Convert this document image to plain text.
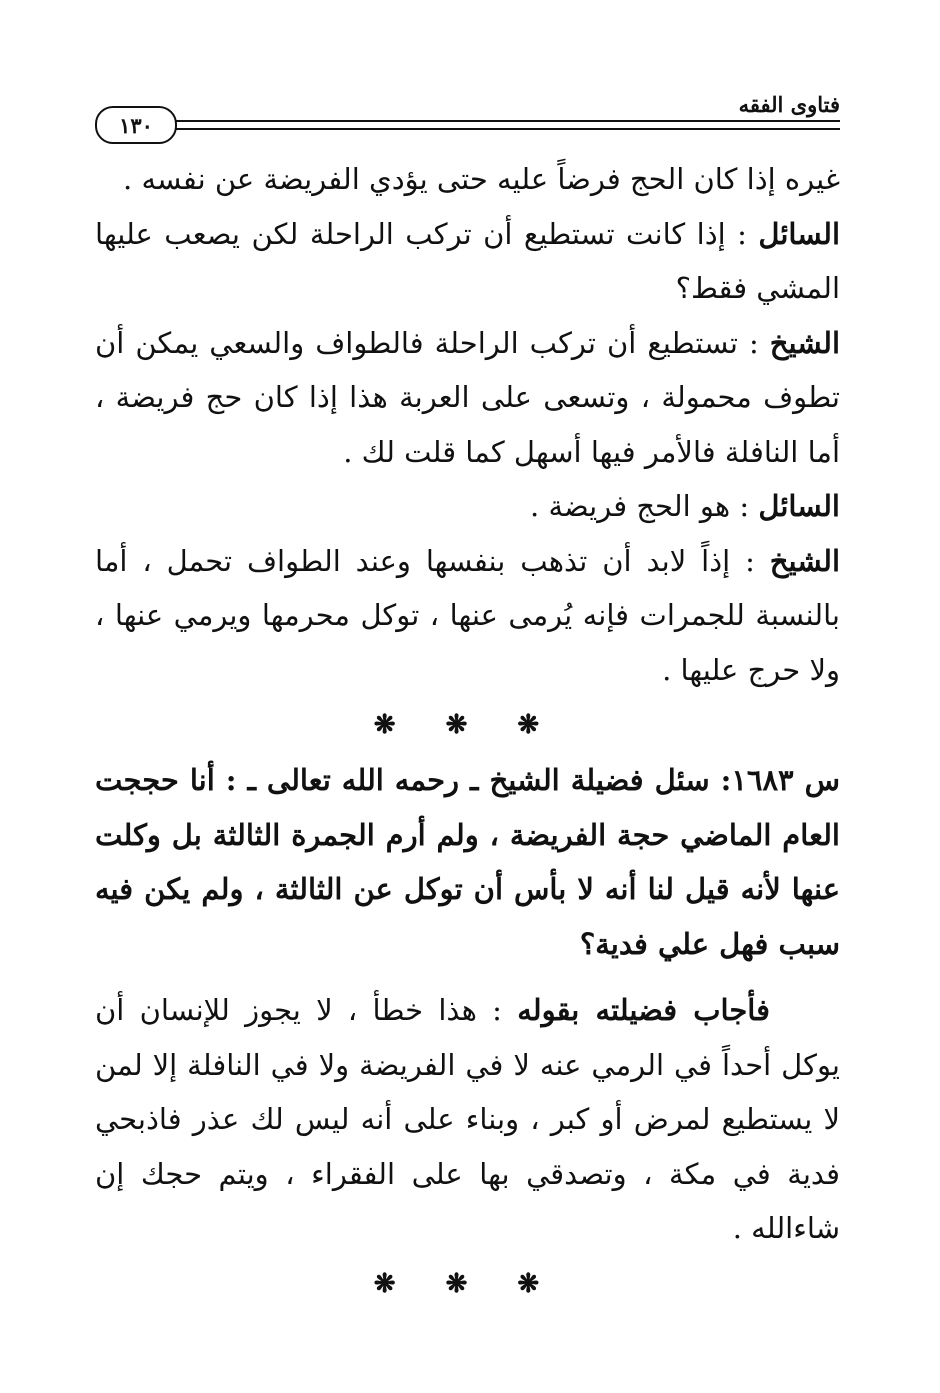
فتاوى الفقه
١٣٠

غيره إذا كان الحج فرضاً عليه حتى يؤدي الفريضة عن نفسه .

السائل : إذا كانت تستطيع أن تركب الراحلة لكن يصعب عليها المشي فقط؟

الشيخ : تستطيع أن تركب الراحلة فالطواف والسعي يمكن أن تطوف محمولة ، وتسعى على العربة هذا إذا كان حج فريضة ، أما النافلة فالأمر فيها أسهل كما قلت لك .

السائل : هو الحج فريضة .

الشيخ : إذاً لابد أن تذهب بنفسها وعند الطواف تحمل ، أما بالنسبة للجمرات فإنه يُرمى عنها ، توكل محرمها ويرمي عنها ، ولا حرج عليها .

❋ ❋ ❋

س ١٦٨٣: سئل فضيلة الشيخ ـ رحمه الله تعالى ـ : أنا حججت العام الماضي حجة الفريضة ، ولم أرم الجمرة الثالثة بل وكلت عنها لأنه قيل لنا أنه لا بأس أن توكل عن الثالثة ، ولم يكن فيه سبب فهل علي فدية؟

فأجاب فضيلته بقوله : هذا خطأ ، لا يجوز للإنسان أن يوكل أحداً في الرمي عنه لا في الفريضة ولا في النافلة إلا لمن لا يستطيع لمرض أو كبر ، وبناء على أنه ليس لك عذر فاذبحي فدية في مكة ، وتصدقي بها على الفقراء ، ويتم حجك إن شاءالله .

❋ ❋ ❋
